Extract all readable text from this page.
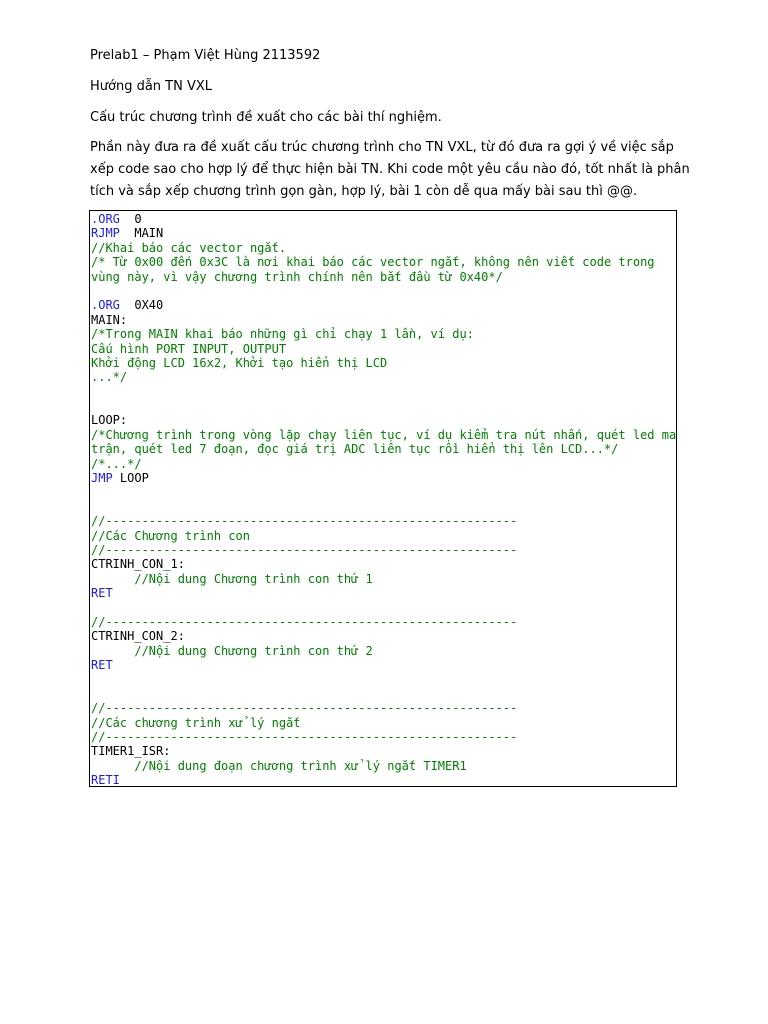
Prelab1 – Phạm Việt Hùng 2113592

Hướng dẫn TN VXL

Cấu trúc chương trình đề xuất cho các bài thí nghiệm.

Phần này đưa ra đề xuất cấu trúc chương trình cho TN VXL, từ đó đưa ra gợi ý về việc sắp xếp code sao cho hợp lý để thực hiện bài TN. Khi code một yêu cầu nào đó, tốt nhất là phân tích và sắp xếp chương trình gọn gàn, hợp lý, bài 1 còn dễ qua mấy bài sau thì @@.

.ORG  0
RJMP  MAIN
//Khai báo các vector ngắt.
/* Từ 0x00 đến 0x3C là nơi khai báo các vector ngắt, không nên viết code trong
vùng này, vì vậy chương trình chính nên bắt đầu từ 0x40*/

.ORG  0X40
MAIN:
/*Trong MAIN khai báo những gì chỉ chạy 1 lần, ví dụ:
Cấu hình PORT INPUT, OUTPUT
Khởi động LCD 16x2, Khởi tạo hiển thị LCD
...*/

LOOP:
/*Chương trình trong vòng lặp chạy liên tục, ví dụ kiểm tra nút nhấn, quét led ma
trận, quét led 7 đoạn, đọc giá trị ADC liên tục rồi hiển thị lên LCD...*/
/*...*/
JMP LOOP

//---------------------------------------------------------
//Các Chương trình con
//---------------------------------------------------------
CTRINH_CON_1:
//Nội dung Chương trình con thứ 1
RET

//---------------------------------------------------------
CTRINH_CON_2:
//Nội dung Chương trình con thứ 2
RET

//---------------------------------------------------------
//Các chương trình xử lý ngắt
//---------------------------------------------------------
TIMER1_ISR:
//Nội dung đoạn chương trình xử lý ngắt TIMER1
RETI
